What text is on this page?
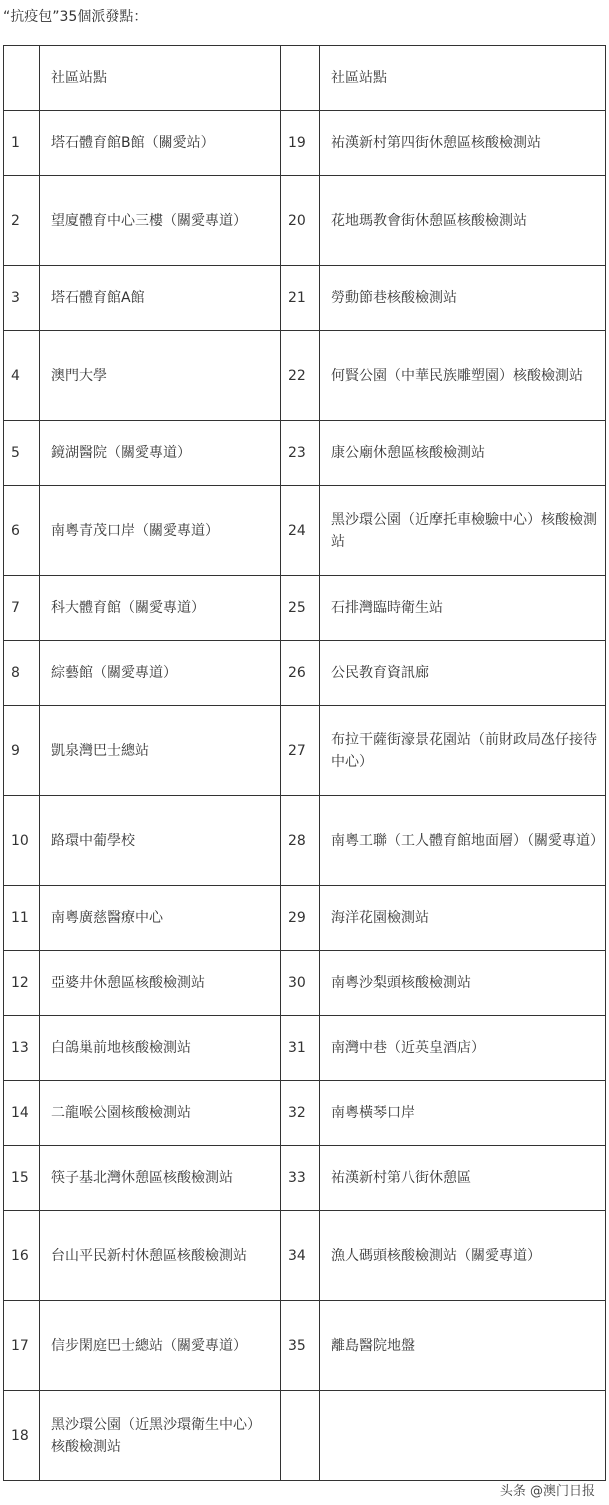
“抗疫包”35個派發點：
	社區站點		社區站點
1	塔石體育館B館（關愛站）	19	祐漢新村第四街休憩區核酸檢測站
2	望廈體育中心三樓（關愛專道）	20	花地瑪教會街休憩區核酸檢測站
3	塔石體育館A館	21	勞動節巷核酸檢測站
4	澳門大學	22	何賢公園（中華民族雕塑園）核酸檢測站
5	鏡湖醫院（關愛專道）	23	康公廟休憩區核酸檢測站
6	南粵青茂口岸（關愛專道）	24	黑沙環公園（近摩托車檢驗中心）核酸檢測站
7	科大體育館（關愛專道）	25	石排灣臨時衛生站
8	綜藝館（關愛專道）	26	公民教育資訊廊
9	凱泉灣巴士總站	27	布拉干薩街濠景花園站（前財政局氹仔接待中心）
10	路環中葡學校	28	南粵工聯（工人體育館地面層）（關愛專道）
11	南粵廣慈醫療中心	29	海洋花園檢測站
12	亞婆井休憩區核酸檢測站	30	南粵沙梨頭核酸檢測站
13	白鴿巢前地核酸檢測站	31	南灣中巷（近英皇酒店）
14	二龍喉公園核酸檢測站	32	南粵橫琴口岸
15	筷子基北灣休憩區核酸檢測站	33	祐漢新村第八街休憩區
16	台山平民新村休憩區核酸檢測站	34	漁人碼頭核酸檢測站（關愛專道）
17	信步閑庭巴士總站（關愛專道）	35	離島醫院地盤
18	黑沙環公園（近黑沙環衛生中心）核酸檢測站		
头条 @澳门日报
